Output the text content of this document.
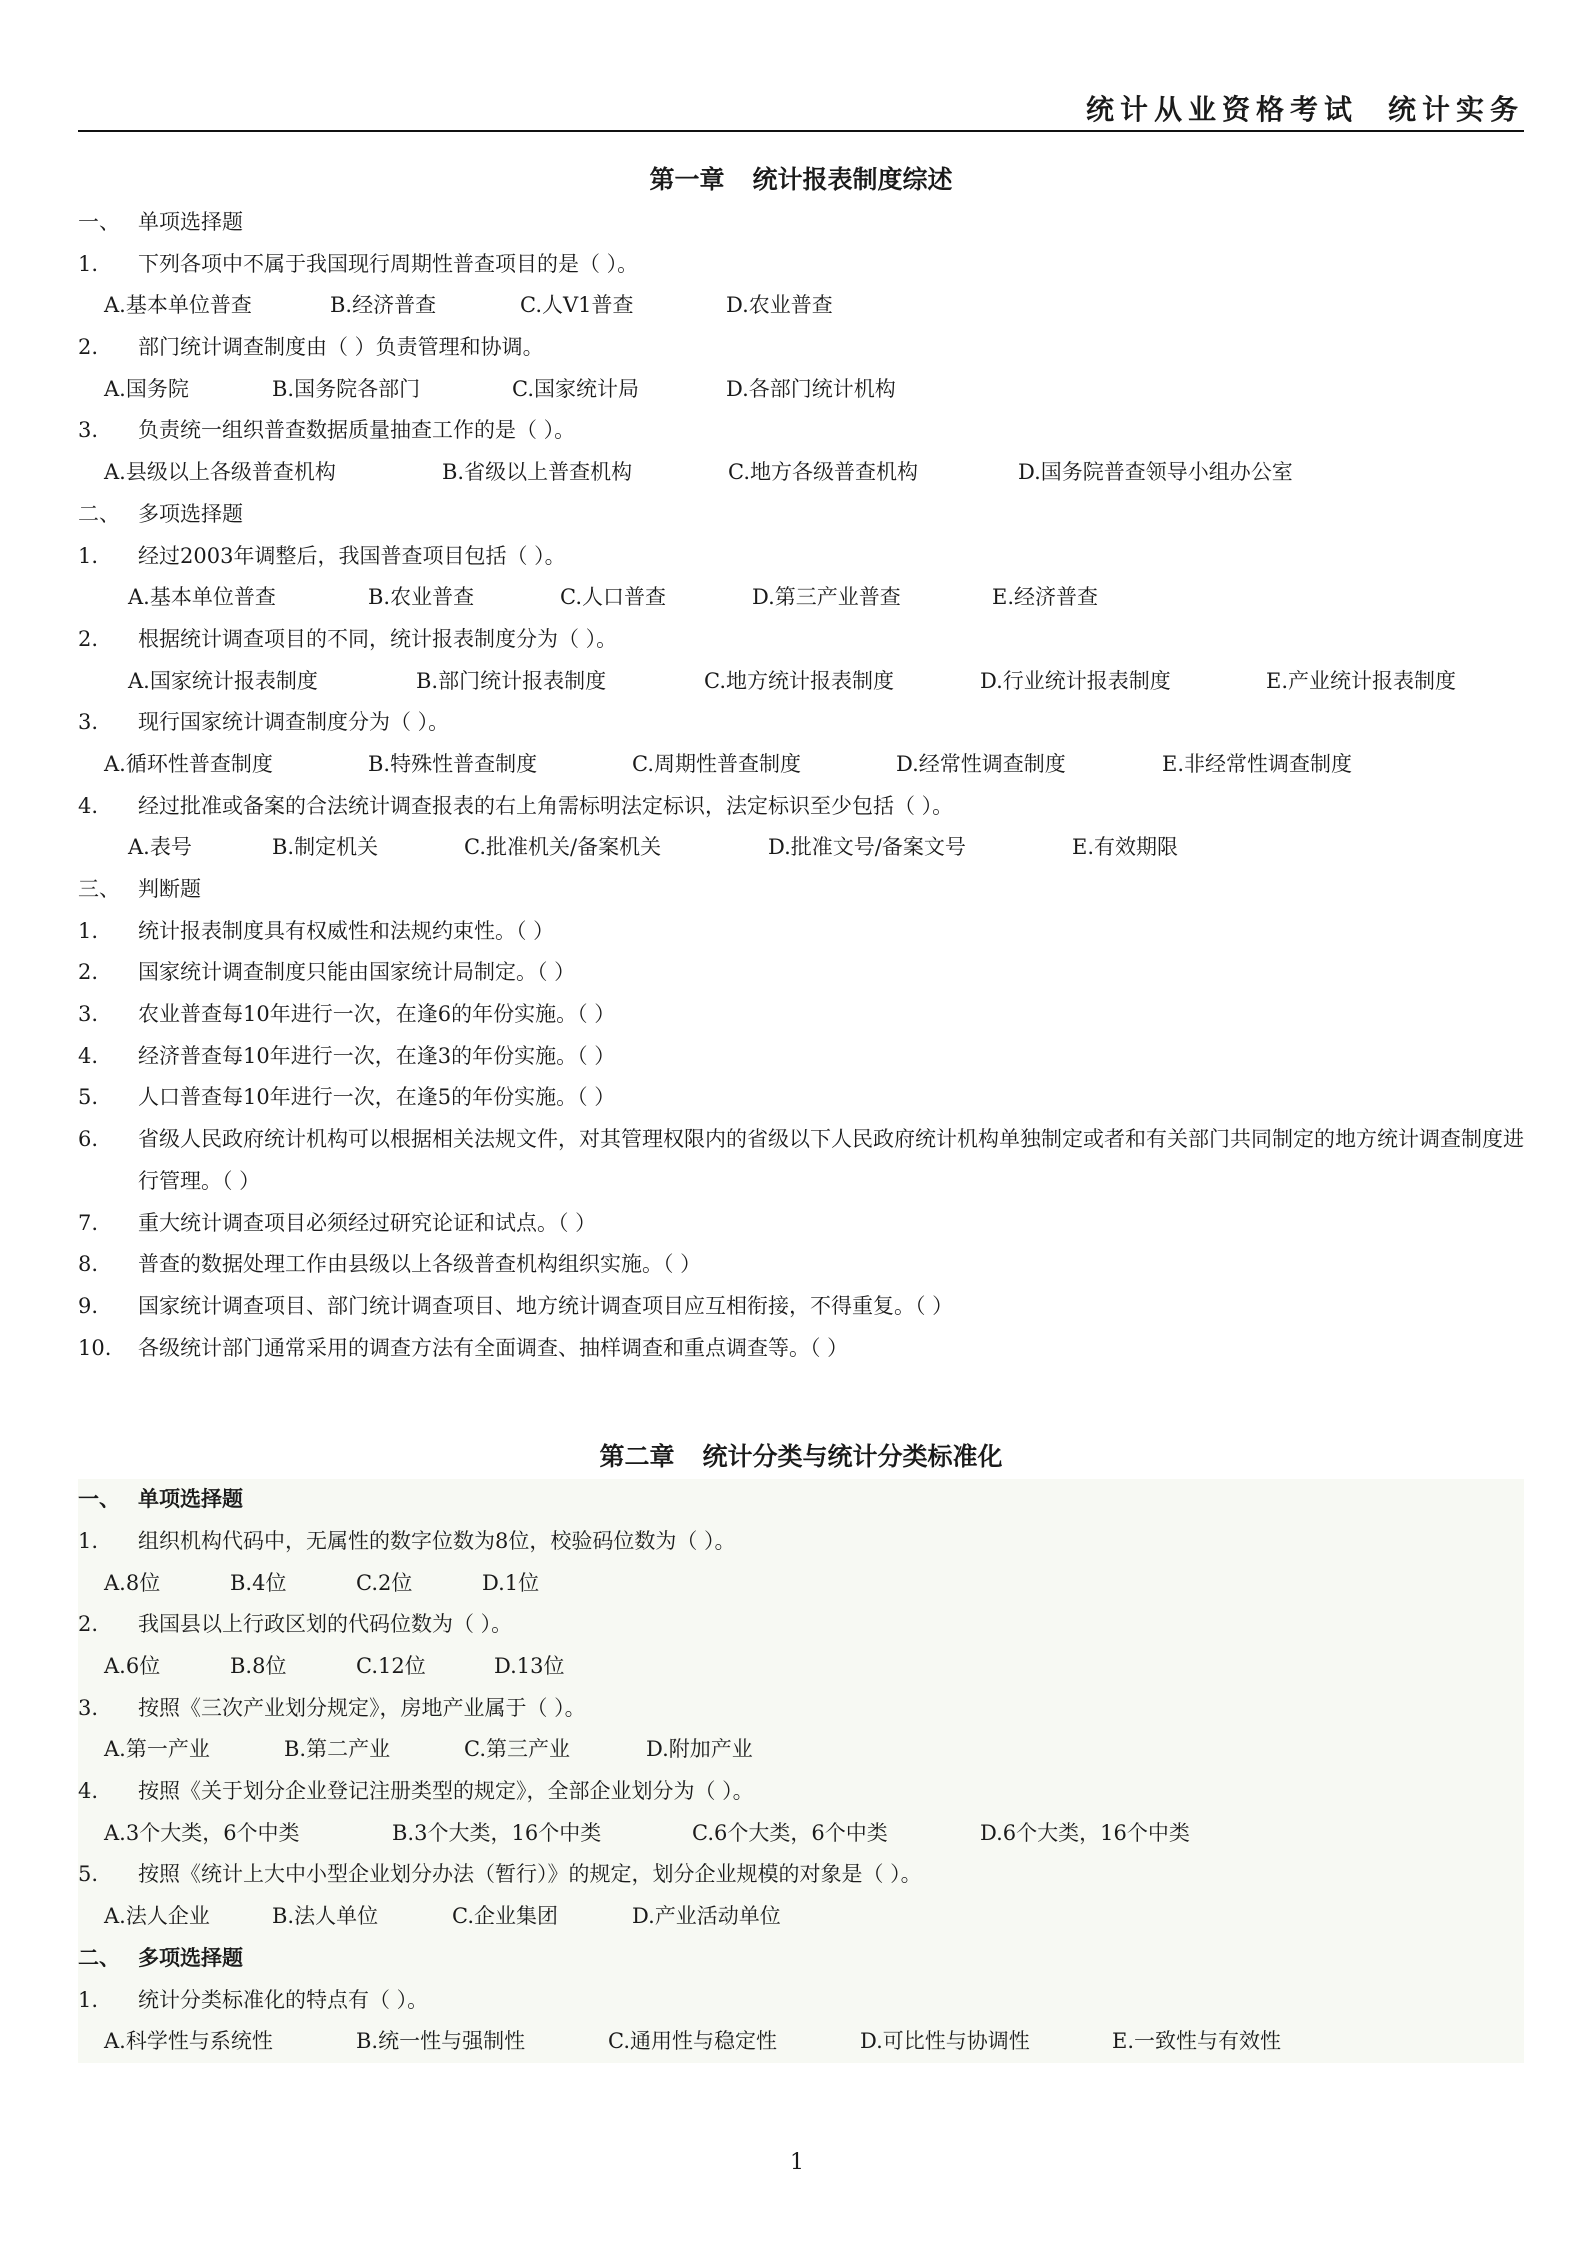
统计从业资格考试 统计实务
第一章 统计报表制度综述
一、 单项选择题
1. 下列各项中不属于我国现行周期性普查项目的是（ ）。
A.基本单位普查	B.经济普查	C.人V1普查	D.农业普查
2. 部门统计调查制度由（ ）负责管理和协调。
A.国务院	B.国务院各部门	C.国家统计局	D.各部门统计机构
3. 负责统一组织普查数据质量抽查工作的是（ ）。
A.县级以上各级普查机构	B.省级以上普查机构	C.地方各级普查机构	D.国务院普查领导小组办公室
二、 多项选择题
1. 经过2003年调整后，我国普查项目包括（ ）。
A.基本单位普查	B.农业普查	C.人口普查	D.第三产业普查	E.经济普查
2. 根据统计调查项目的不同，统计报表制度分为（ ）。
A.国家统计报表制度	B.部门统计报表制度	C.地方统计报表制度	D.行业统计报表制度	E.产业统计报表制度
3. 现行国家统计调查制度分为（ ）。
A.循环性普查制度	B.特殊性普查制度	C.周期性普查制度	D.经常性调查制度	E.非经常性调查制度
4. 经过批准或备案的合法统计调查报表的右上角需标明法定标识，法定标识至少包括（ ）。
A.表号	B.制定机关	C.批准机关/备案机关	D.批准文号/备案文号	E.有效期限
三、 判断题
1. 统计报表制度具有权威性和法规约束性。（ ）
2. 国家统计调查制度只能由国家统计局制定。（ ）
3. 农业普查每10年进行一次，在逢6的年份实施。（ ）
4. 经济普查每10年进行一次，在逢3的年份实施。（ ）
5. 人口普查每10年进行一次，在逢5的年份实施。（ ）
6.	省级人民政府统计机构可以根据相关法规文件，对其管理权限内的省级以下人民政府统计机构单独制定或者和有关部门共同制定的地方统计调查制度进行管理。（ ）
7. 重大统计调查项目必须经过研究论证和试点。（ ）
8. 普查的数据处理工作由县级以上各级普查机构组织实施。（ ）
9. 国家统计调查项目、部门统计调查项目、地方统计调查项目应互相衔接，不得重复。（ ）
10. 各级统计部门通常采用的调查方法有全面调查、抽样调查和重点调查等。（ ）
第二章 统计分类与统计分类标准化
一、 单项选择题
1. 组织机构代码中，无属性的数字位数为8位，校验码位数为（ ）。
A.8位	B.4位	C.2位	D.1位
2. 我国县以上行政区划的代码位数为（ ）。
A.6位	B.8位	C.12位	D.13位
3. 按照《三次产业划分规定》，房地产业属于（ ）。
A.第一产业	B.第二产业	C.第三产业	D.附加产业
4. 按照《关于划分企业登记注册类型的规定》，全部企业划分为（ ）。
A.3个大类，6个中类	B.3个大类，16个中类	C.6个大类，6个中类	D.6个大类，16个中类
5. 按照《统计上大中小型企业划分办法（暂行）》的规定，划分企业规模的对象是（ ）。
A.法人企业	B.法人单位	C.企业集团	D.产业活动单位
二、 多项选择题
1. 统计分类标准化的特点有（ ）。
A.科学性与系统性	B.统一性与强制性	C.通用性与稳定性	D.可比性与协调性	E.一致性与有效性
1
